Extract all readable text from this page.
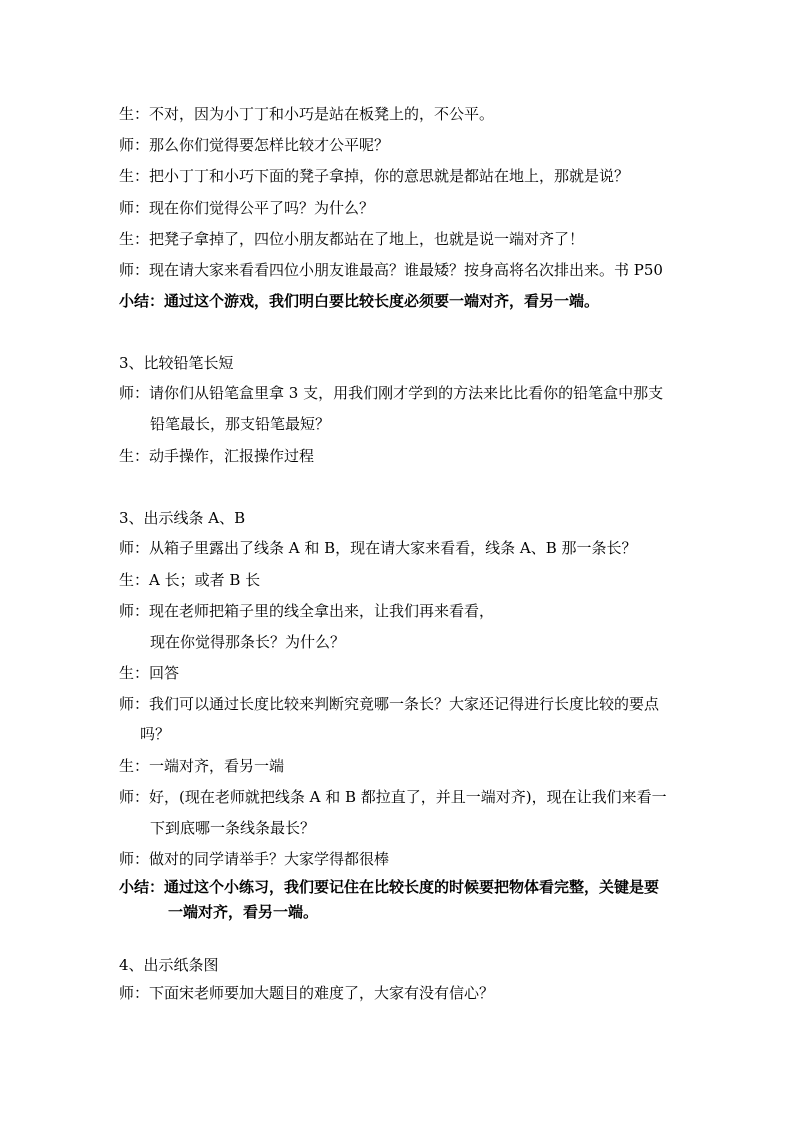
生：不对，因为小丁丁和小巧是站在板凳上的，不公平。
师：那么你们觉得要怎样比较才公平呢？
生：把小丁丁和小巧下面的凳子拿掉，你的意思就是都站在地上，那就是说？
师：现在你们觉得公平了吗？为什么？
生：把凳子拿掉了，四位小朋友都站在了地上，也就是说一端对齐了！
师：现在请大家来看看四位小朋友谁最高？谁最矮？按身高将名次排出来。书 P50
小结：通过这个游戏，我们明白要比较长度必须要一端对齐，看另一端。
3、比较铅笔长短
师：请你们从铅笔盒里拿 3 支，用我们刚才学到的方法来比比看你的铅笔盒中那支
铅笔最长，那支铅笔最短？
生：动手操作，汇报操作过程
3、出示线条 A、B
师：从箱子里露出了线条 A 和 B，现在请大家来看看，线条 A、B 那一条长？
生：A 长；或者 B 长
师：现在老师把箱子里的线全拿出来，让我们再来看看，
现在你觉得那条长？为什么？
生：回答
师：我们可以通过长度比较来判断究竟哪一条长？大家还记得进行长度比较的要点
吗？
生：一端对齐，看另一端
师：好，(现在老师就把线条 A 和 B 都拉直了，并且一端对齐)，现在让我们来看一
下到底哪一条线条最长？
师：做对的同学请举手？大家学得都很棒
小结：通过这个小练习，我们要记住在比较长度的时候要把物体看完整，关键是要
一端对齐，看另一端。
4、出示纸条图
师：下面宋老师要加大题目的难度了，大家有没有信心？
